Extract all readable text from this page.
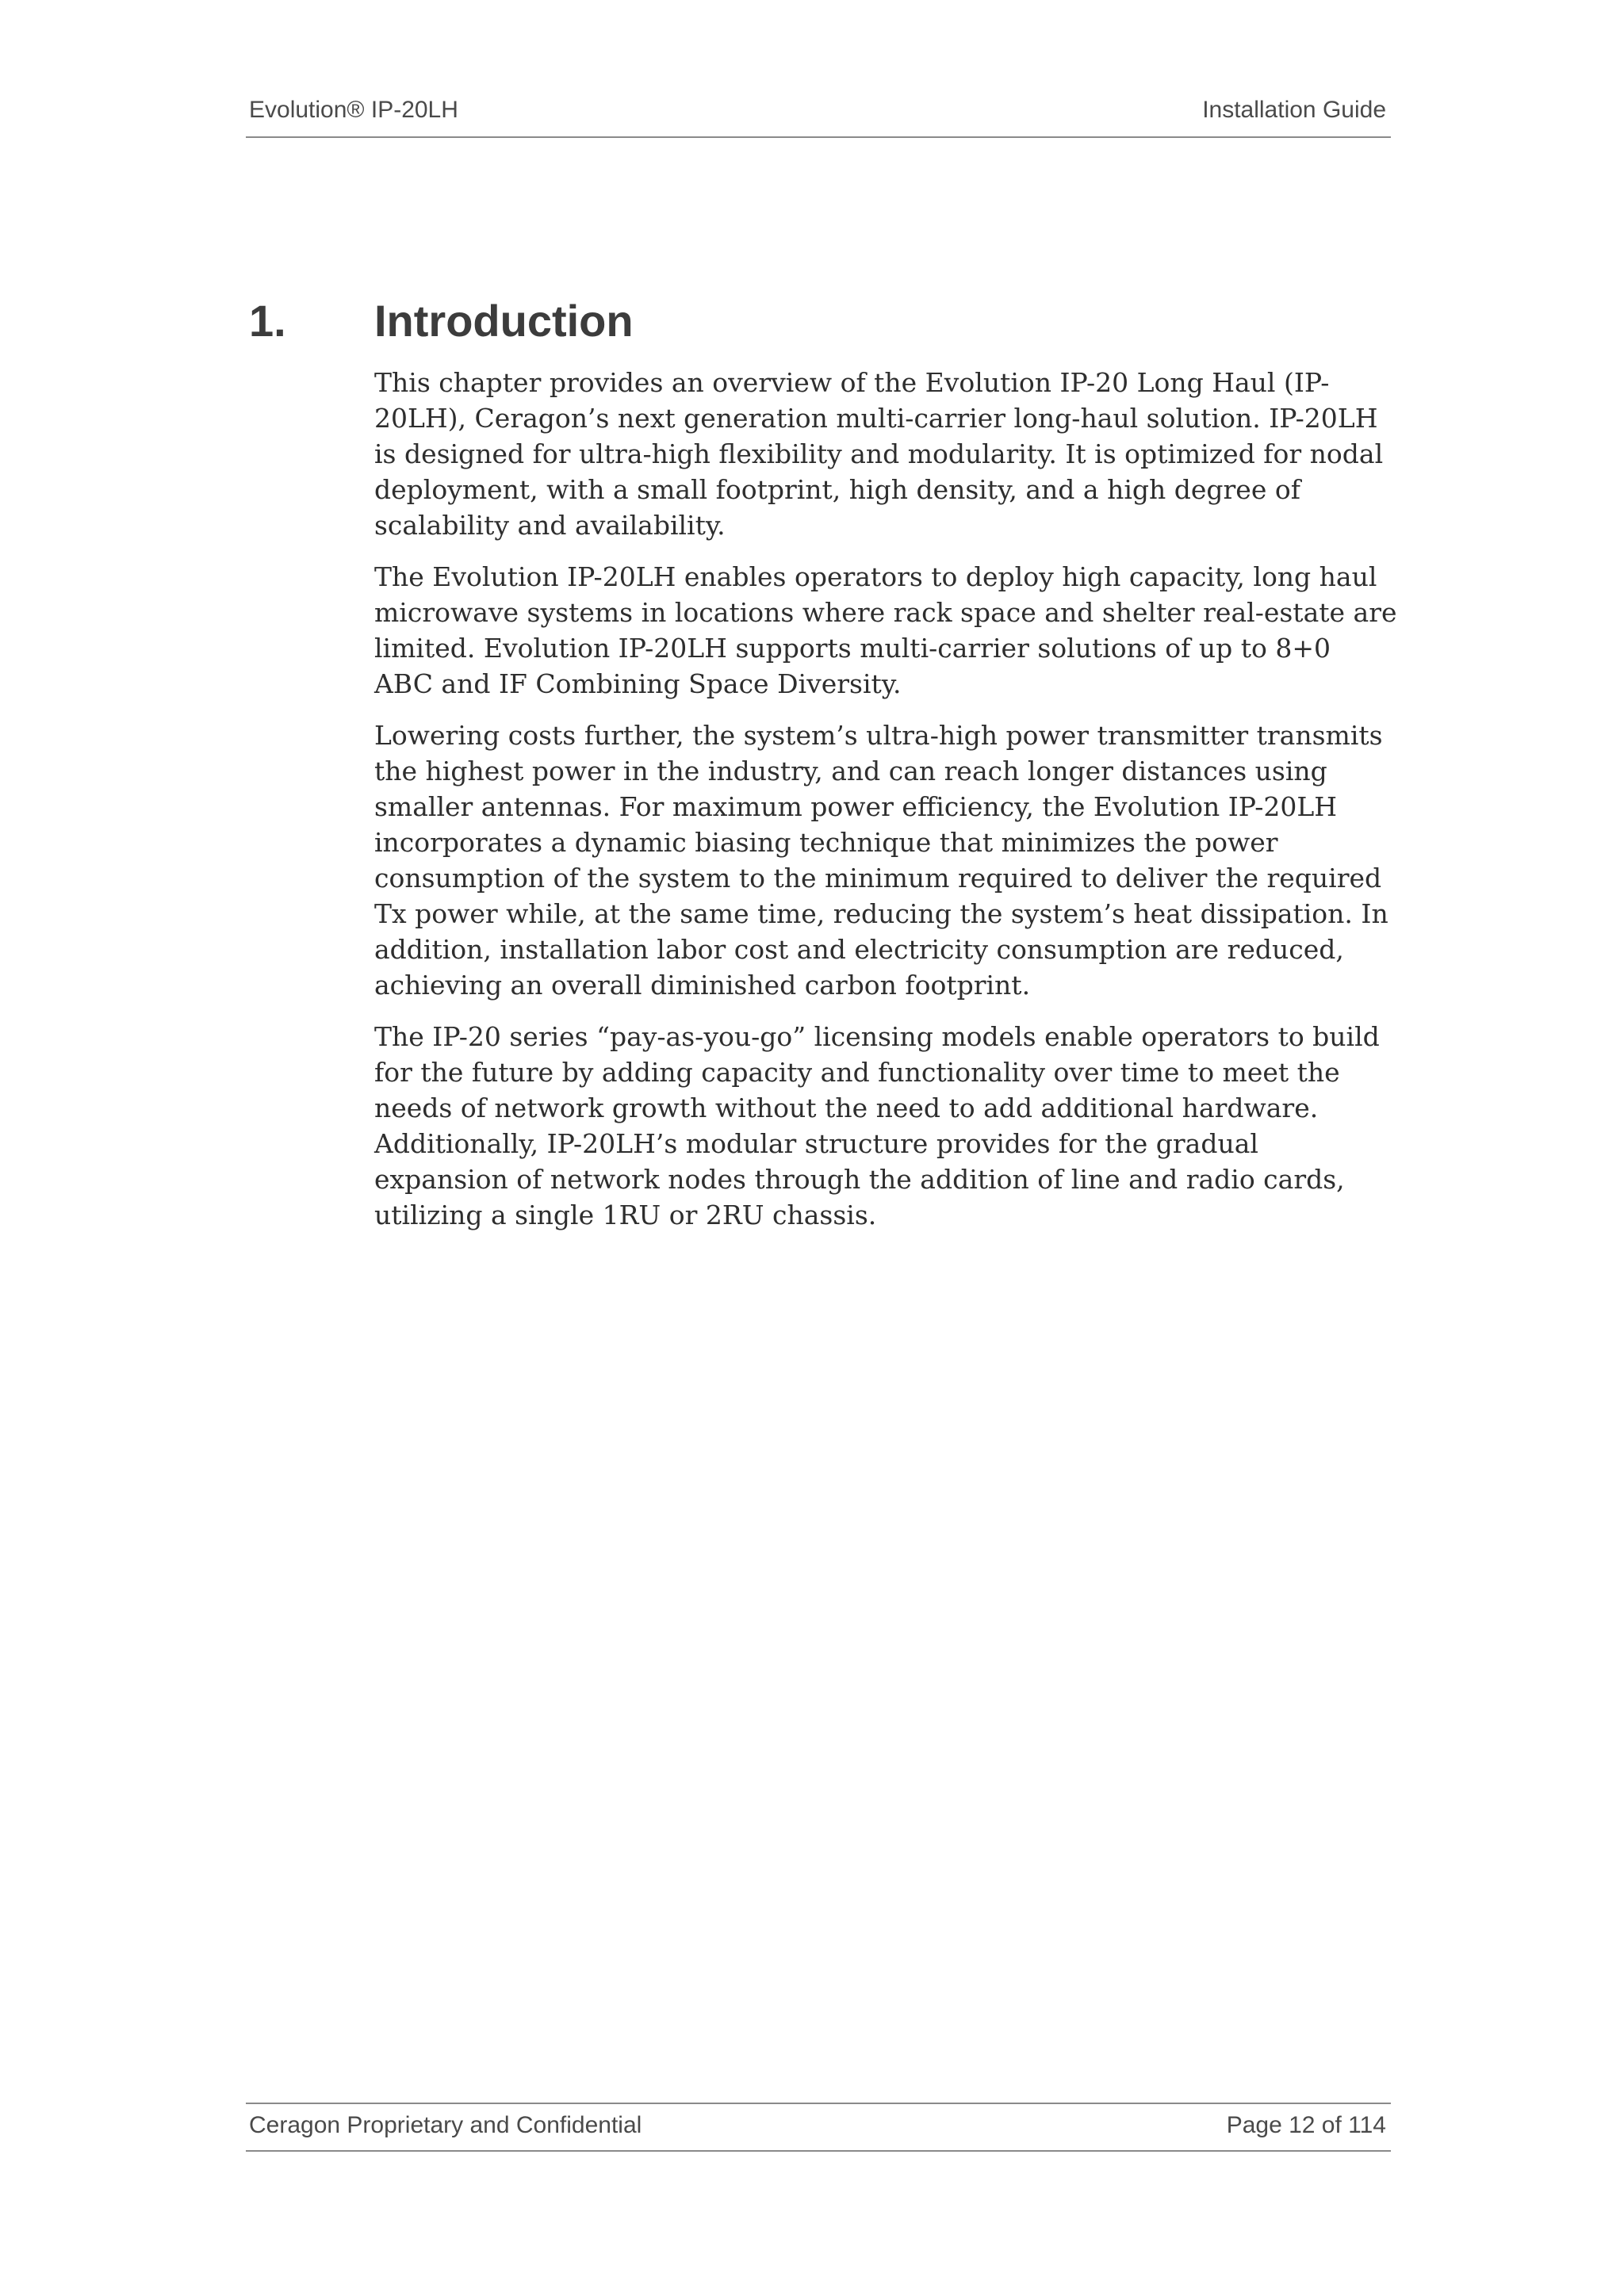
Evolution® IP-20LH	Installation Guide
1. Introduction

This chapter provides an overview of the Evolution IP-20 Long Haul (IP-20LH), Ceragon’s next generation multi-carrier long-haul solution. IP-20LH is designed for ultra-high flexibility and modularity. It is optimized for nodal deployment, with a small footprint, high density, and a high degree of scalability and availability.

The Evolution IP-20LH enables operators to deploy high capacity, long haul microwave systems in locations where rack space and shelter real-estate are limited. Evolution IP-20LH supports multi-carrier solutions of up to 8+0 ABC and IF Combining Space Diversity.

Lowering costs further, the system’s ultra-high power transmitter transmits the highest power in the industry, and can reach longer distances using smaller antennas. For maximum power efficiency, the Evolution IP-20LH incorporates a dynamic biasing technique that minimizes the power consumption of the system to the minimum required to deliver the required Tx power while, at the same time, reducing the system’s heat dissipation. In addition, installation labor cost and electricity consumption are reduced, achieving an overall diminished carbon footprint.

The IP-20 series “pay-as-you-go” licensing models enable operators to build for the future by adding capacity and functionality over time to meet the needs of network growth without the need to add additional hardware. Additionally, IP-20LH’s modular structure provides for the gradual expansion of network nodes through the addition of line and radio cards, utilizing a single 1RU or 2RU chassis.

Ceragon Proprietary and Confidential	Page 12 of 114
